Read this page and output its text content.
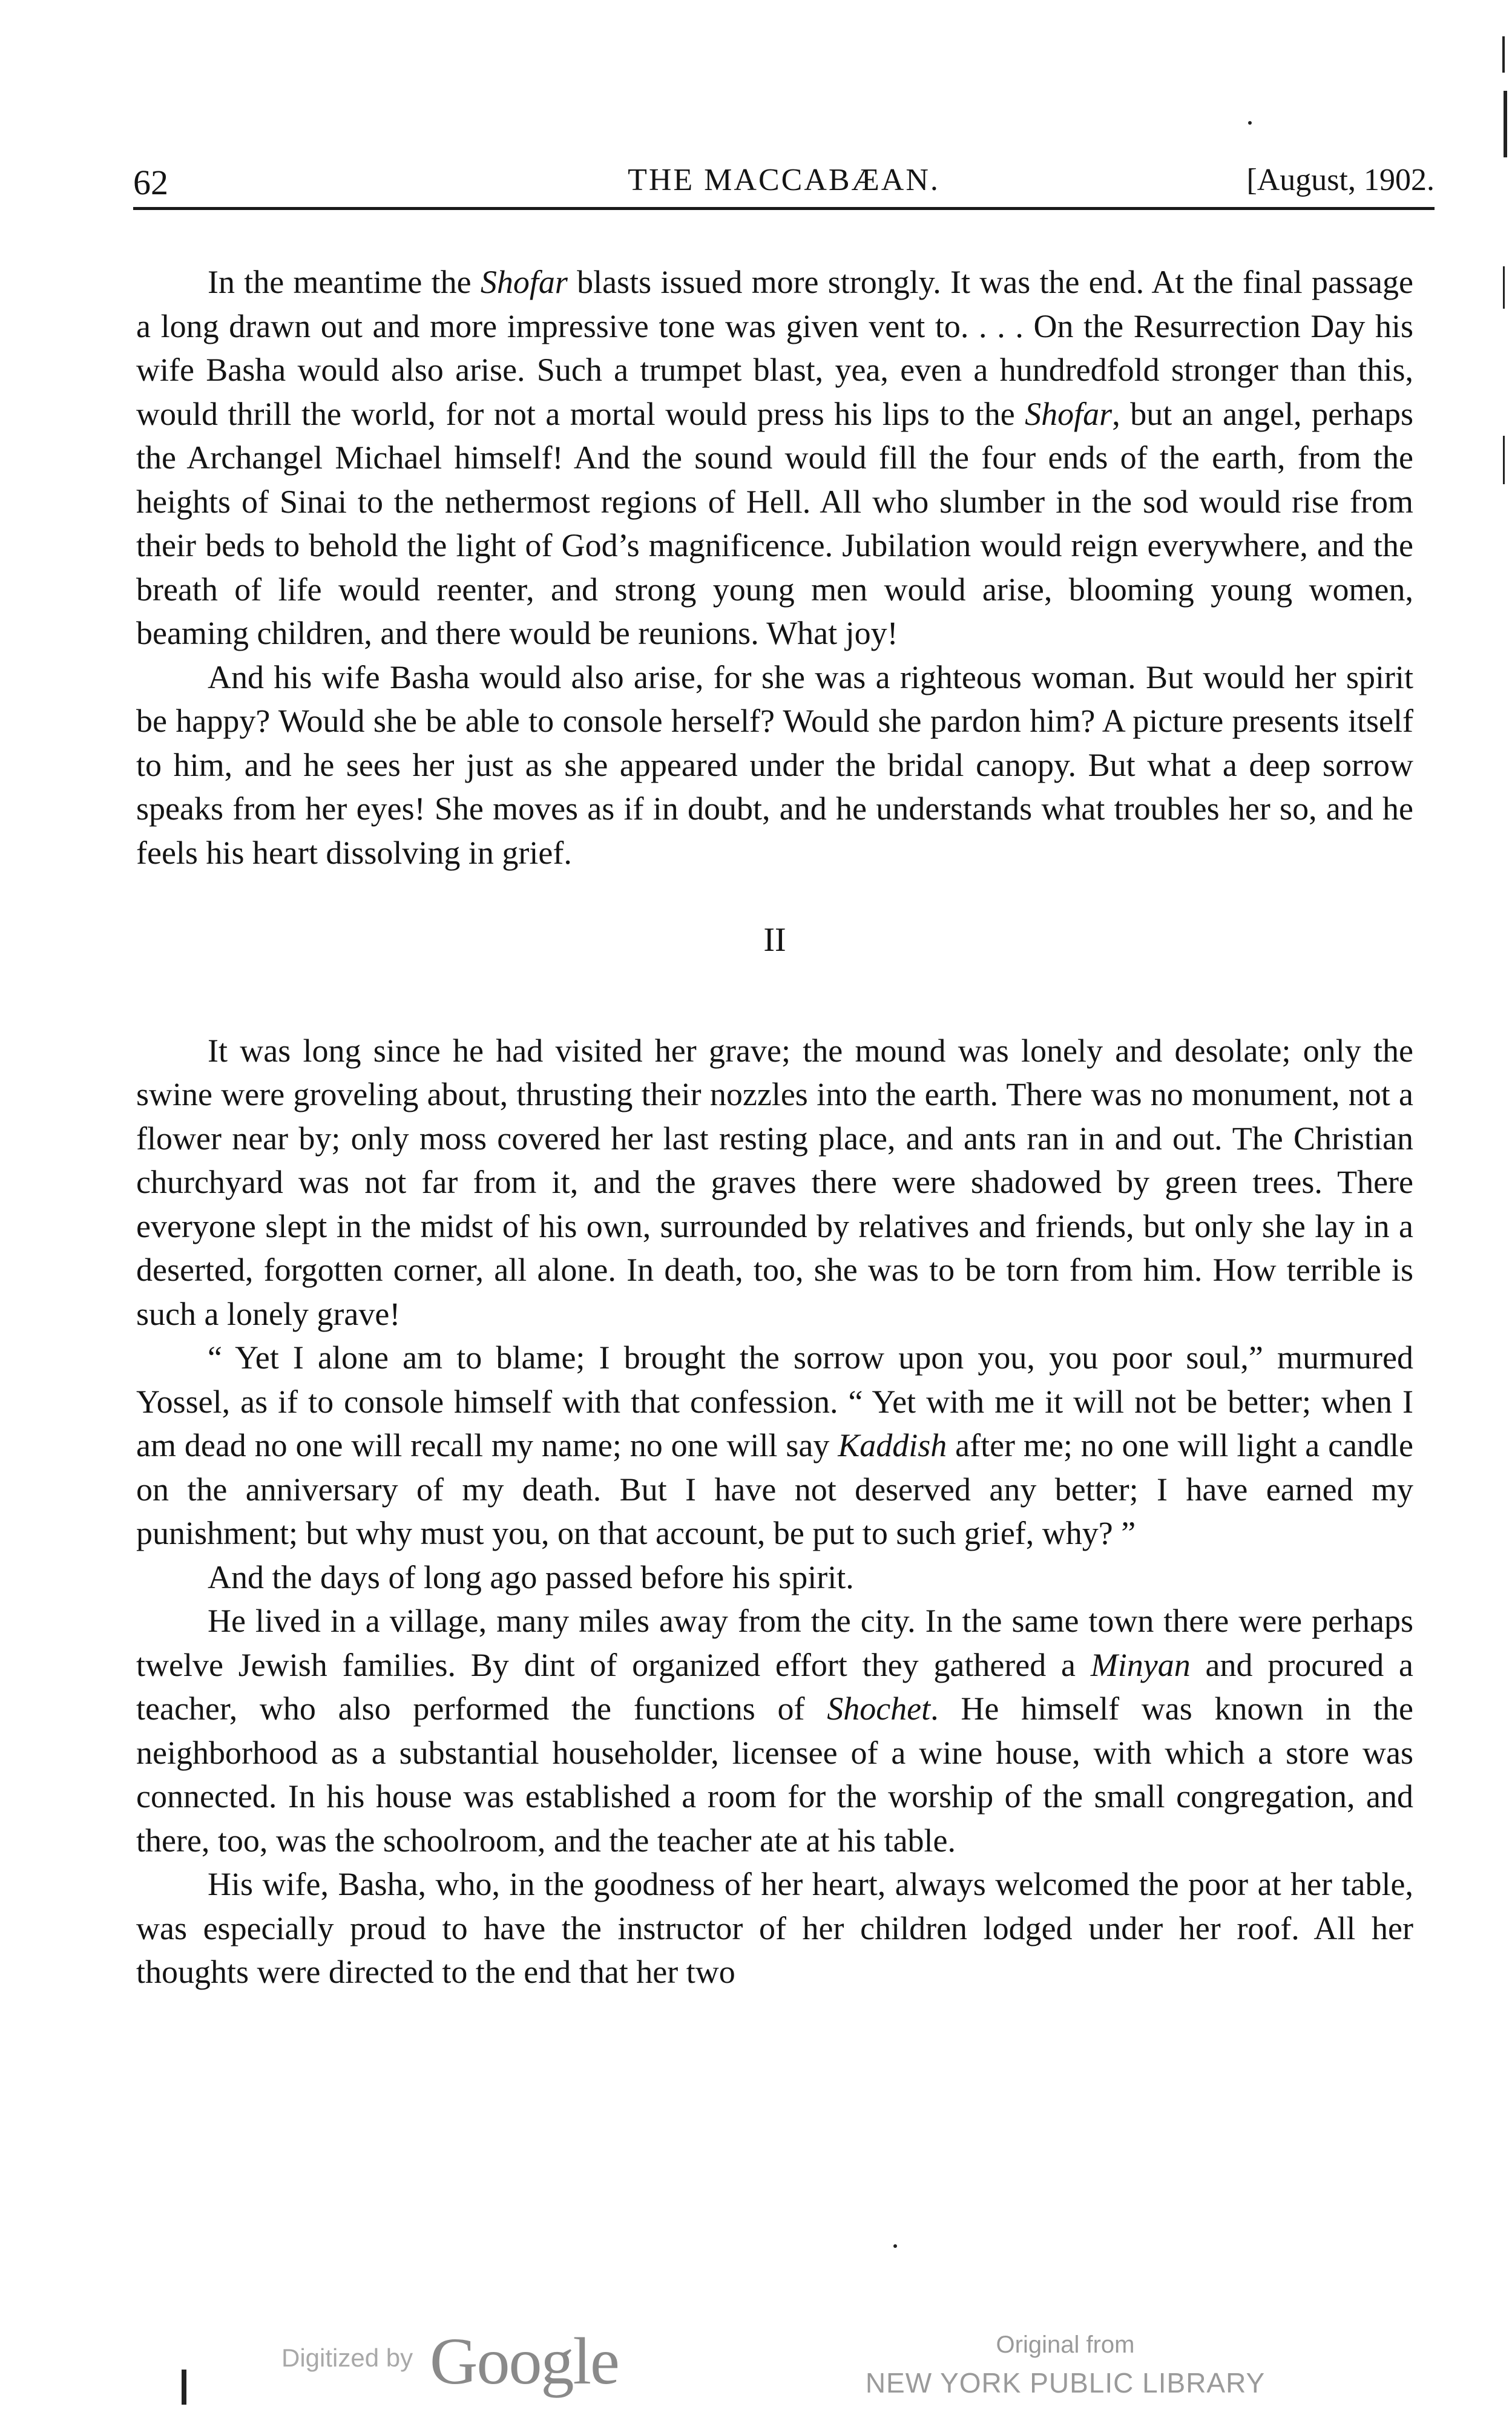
62	THE MACCABÆAN.	[August, 1902.

In the meantime the Shofar blasts issued more strongly. It was the end. At the final passage a long drawn out and more impressive tone was given vent to. . . . On the Resurrection Day his wife Basha would also arise. Such a trumpet blast, yea, even a hundredfold stronger than this, would thrill the world, for not a mortal would press his lips to the Shofar, but an angel, perhaps the Archangel Michael himself! And the sound would fill the four ends of the earth, from the heights of Sinai to the nethermost regions of Hell. All who slumber in the sod would rise from their beds to behold the light of God’s magnificence. Jubilation would reign everywhere, and the breath of life would reenter, and strong young men would arise, blooming young women, beaming children, and there would be reunions. What joy!

And his wife Basha would also arise, for she was a righteous woman. But would her spirit be happy? Would she be able to console herself? Would she pardon him? A picture presents itself to him, and he sees her just as she appeared under the bridal canopy. But what a deep sorrow speaks from her eyes! She moves as if in doubt, and he understands what troubles her so, and he feels his heart dissolving in grief.

II

It was long since he had visited her grave; the mound was lonely and desolate; only the swine were groveling about, thrusting their nozzles into the earth. There was no monument, not a flower near by; only moss covered her last resting place, and ants ran in and out. The Christian churchyard was not far from it, and the graves there were shadowed by green trees. There everyone slept in the midst of his own, surrounded by relatives and friends, but only she lay in a deserted, forgotten corner, all alone. In death, too, she was to be torn from him. How terrible is such a lonely grave!

“ Yet I alone am to blame; I brought the sorrow upon you, you poor soul,” murmured Yossel, as if to console himself with that confession. “ Yet with me it will not be better; when I am dead no one will recall my name; no one will say Kaddish after me; no one will light a candle on the anniversary of my death. But I have not deserved any better; I have earned my punishment; but why must you, on that account, be put to such grief, why? ”

And the days of long ago passed before his spirit.

He lived in a village, many miles away from the city. In the same town there were perhaps twelve Jewish families. By dint of organized effort they gathered a Minyan and procured a teacher, who also performed the functions of Shochet. He himself was known in the neighborhood as a substantial householder, licensee of a wine house, with which a store was connected. In his house was established a room for the worship of the small congregation, and there, too, was the schoolroom, and the teacher ate at his table.

His wife, Basha, who, in the goodness of her heart, always welcomed the poor at her table, was especially proud to have the instructor of her children lodged under her roof. All her thoughts were directed to the end that her two

Digitized by Google	Original from
NEW YORK PUBLIC LIBRARY
